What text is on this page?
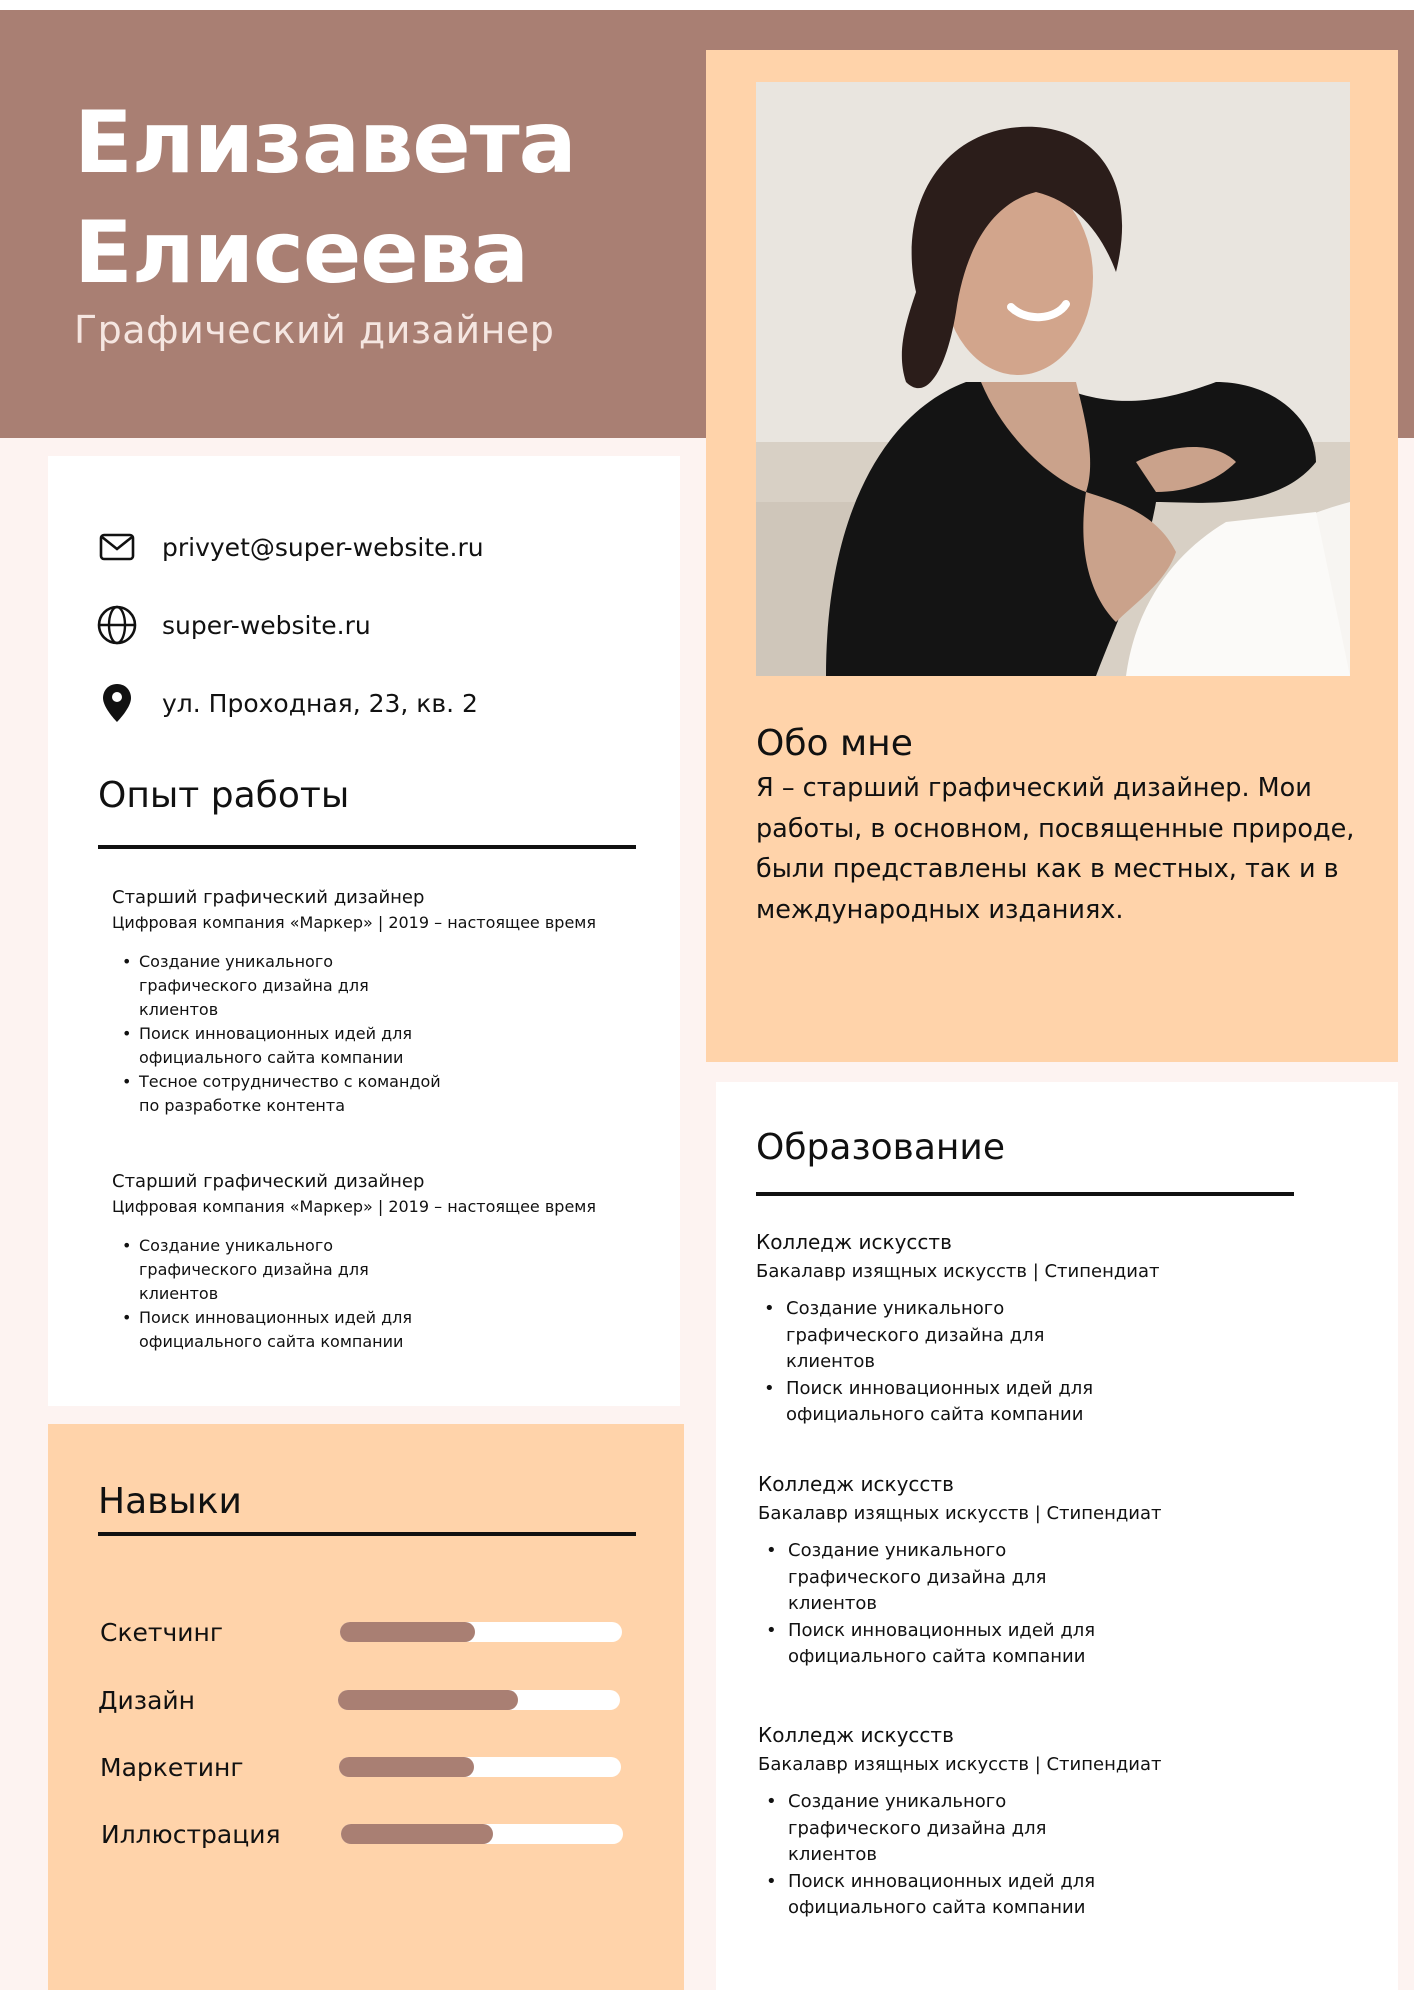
Елизавета
Елисеева
Графический дизайнер
Обо мне
Я – старший графический дизайнер. Мои работы, в основном, посвященные природе, были представлены как в местных, так и в международных изданиях.
privyet@super-website.ru
super-website.ru
ул. Проходная, 23, кв. 2
Опыт работы
Старший графический дизайнер
Цифровая компания «Маркер» | 2019 – настоящее время
• Создание уникального графического дизайна для клиентов
• Поиск инновационных идей для официального сайта компании
• Тесное сотрудничество с командой по разработке контента
Старший графический дизайнер
Цифровая компания «Маркер» | 2019 – настоящее время
• Создание уникального графического дизайна для клиентов
• Поиск инновационных идей для официального сайта компании
Навыки
Скетчинг
Дизайн
Маркетинг
Иллюстрация
Образование
Колледж искусств
Бакалавр изящных искусств | Стипендиат
• Создание уникального графического дизайна для клиентов
• Поиск инновационных идей для официального сайта компании
Колледж искусств
Бакалавр изящных искусств | Стипендиат
• Создание уникального графического дизайна для клиентов
• Поиск инновационных идей для официального сайта компании
Колледж искусств
Бакалавр изящных искусств | Стипендиат
• Создание уникального графического дизайна для клиентов
• Поиск инновационных идей для официального сайта компании
